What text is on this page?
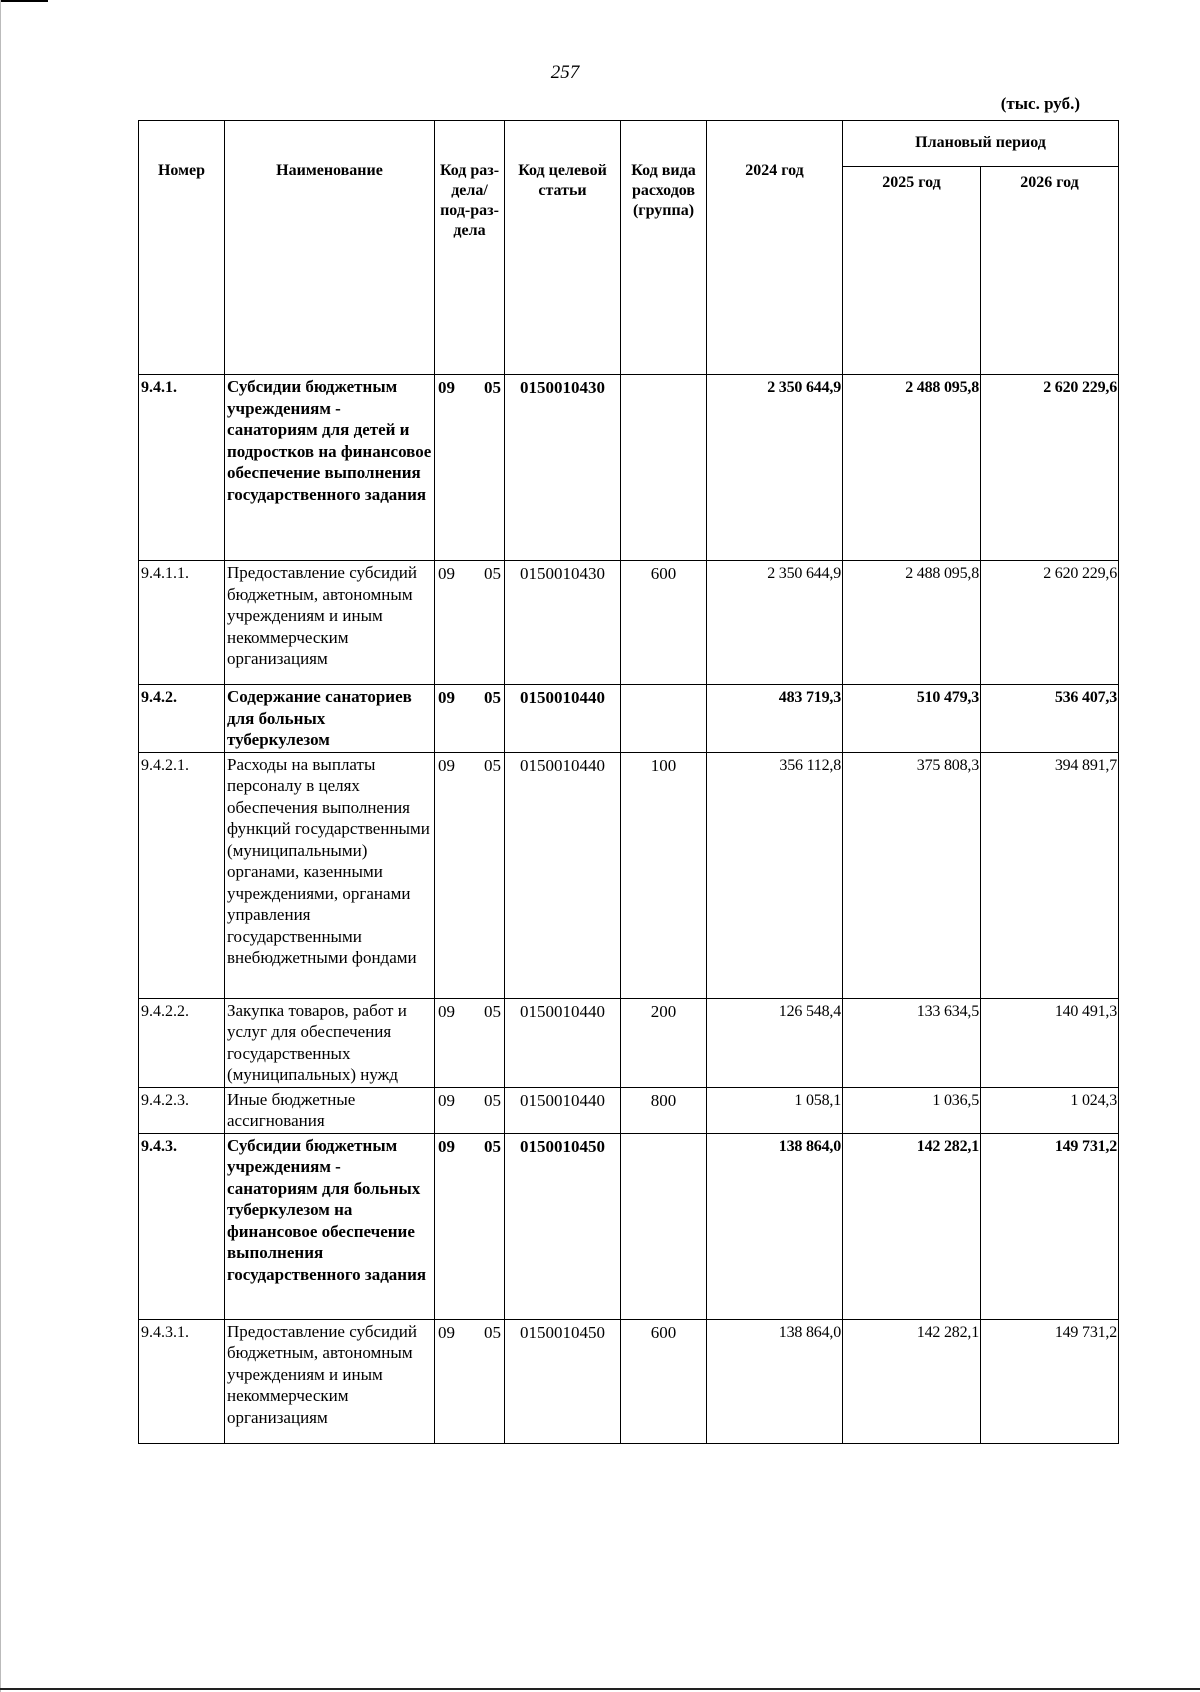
257
(тыс. руб.)
Номер	Наименование	Код раз-дела/ под-раз-дела	Код целевой статьи	Код вида расходов (группа)	2024 год	Плановый период	
						2025 год	2026 год
9.4.1.	Субсидии бюджетным учреждениям - санаториям для детей и подростков на финансовое обеспечение выполнения государственного задания	09 05	0150010430		2 350 644,9	2 488 095,8	2 620 229,6
9.4.1.1.	Предоставление субсидий бюджетным, автономным учреждениям и иным некоммерческим организациям	09 05	0150010430	600	2 350 644,9	2 488 095,8	2 620 229,6
9.4.2.	Содержание санаториев для больных туберкулезом	09 05	0150010440		483 719,3	510 479,3	536 407,3
9.4.2.1.	Расходы на выплаты персоналу в целях обеспечения выполнения функций государственными (муниципальными) органами, казенными учреждениями, органами управления государственными внебюджетными фондами	09 05	0150010440	100	356 112,8	375 808,3	394 891,7
9.4.2.2.	Закупка товаров, работ и услуг для обеспечения государственных (муниципальных) нужд	09 05	0150010440	200	126 548,4	133 634,5	140 491,3
9.4.2.3.	Иные бюджетные ассигнования	09 05	0150010440	800	1 058,1	1 036,5	1 024,3
9.4.3.	Субсидии бюджетным учреждениям - санаториям для больных туберкулезом на финансовое обеспечение выполнения государственного задания	09 05	0150010450		138 864,0	142 282,1	149 731,2
9.4.3.1.	Предоставление субсидий бюджетным, автономным учреждениям и иным некоммерческим организациям	09 05	0150010450	600	138 864,0	142 282,1	149 731,2
